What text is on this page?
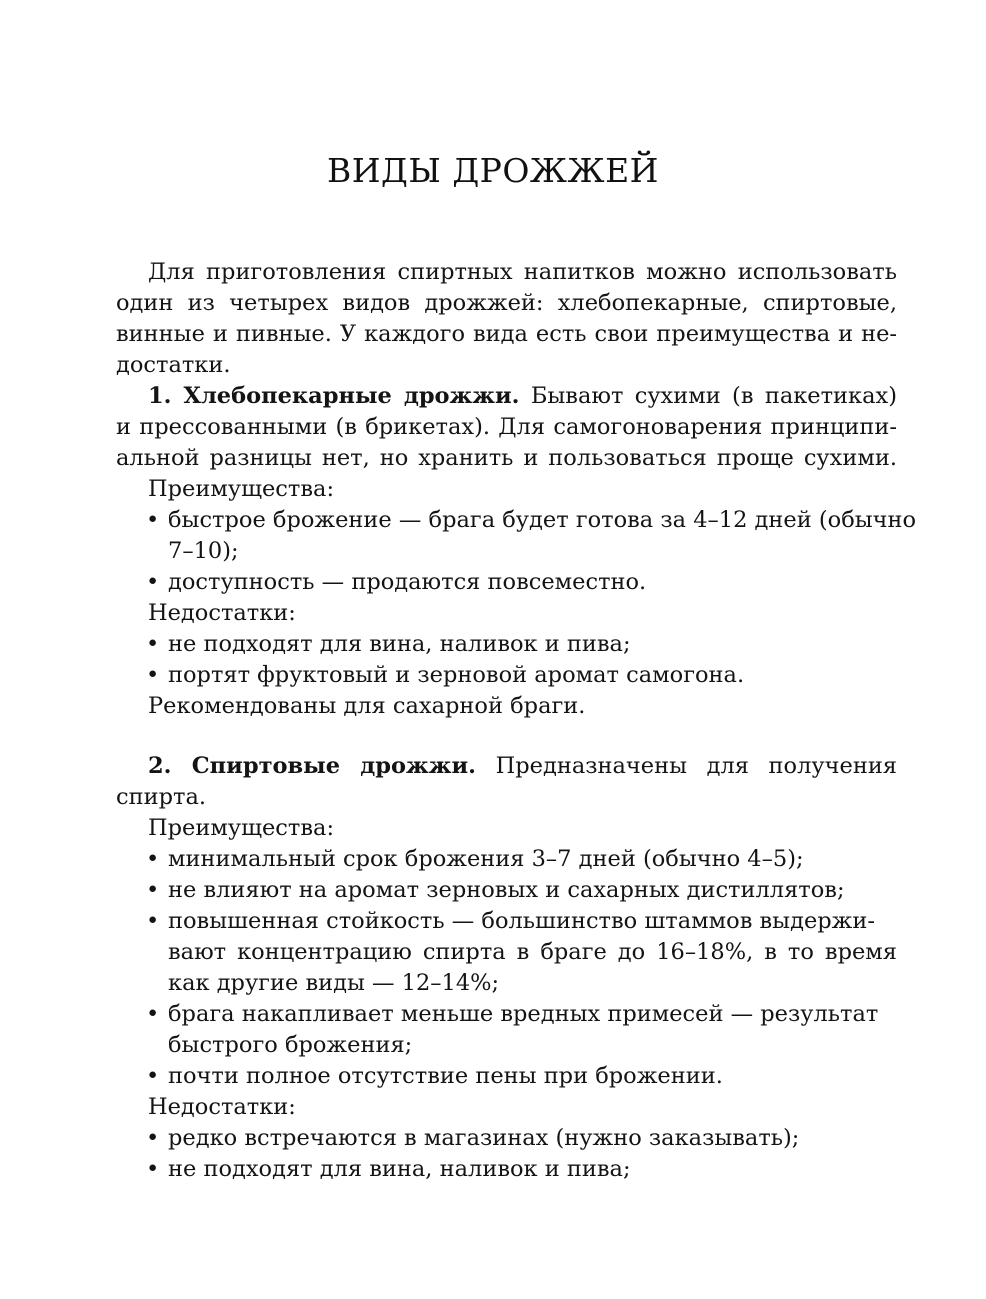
ВИДЫ ДРОЖЖЕЙ
Для приготовления спиртных напитков можно использовать
один из четырех видов дрожжей: хлебопекарные, спиртовые,
винные и пивные. У каждого вида есть свои преимущества и не-
достатки.
1. Хлебопекарные дрожжи. Бывают сухими (в пакетиках)
и прессованными (в брикетах). Для самогоноварения принципи-
альной разницы нет, но хранить и пользоваться проще сухими.
Преимущества:
• быстрое брожение — брага будет готова за 4–12 дней (обычно
7–10);
• доступность — продаются повсеместно.
Недостатки:
• не подходят для вина, наливок и пива;
• портят фруктовый и зерновой аромат самогона.
Рекомендованы для сахарной браги.
2. Спиртовые дрожжи. Предназначены для получения
спирта.
Преимущества:
• минимальный срок брожения 3–7 дней (обычно 4–5);
• не влияют на аромат зерновых и сахарных дистиллятов;
• повышенная стойкость — большинство штаммов выдержи-
вают концентрацию спирта в браге до 16–18%, в то время
как другие виды — 12–14%;
• брага накапливает меньше вредных примесей — результат
быстрого брожения;
• почти полное отсутствие пены при брожении.
Недостатки:
• редко встречаются в магазинах (нужно заказывать);
• не подходят для вина, наливок и пива;
